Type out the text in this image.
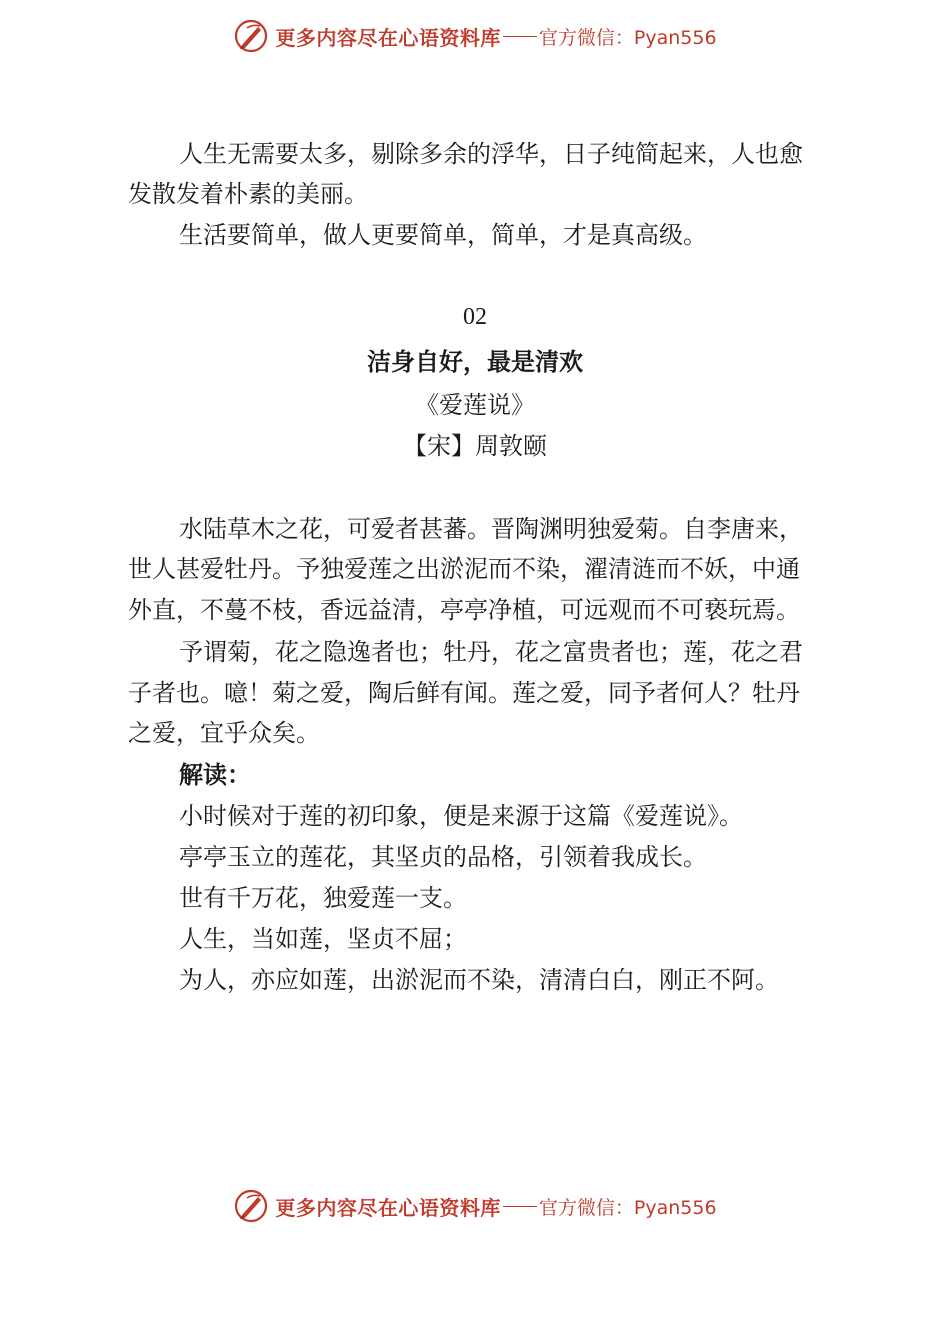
更多内容尽在心语资料库 官方微信：Pyan556
人生无需要太多，剔除多余的浮华，日子纯简起来，人也愈
发散发着朴素的美丽。
生活要简单，做人更要简单，简单，才是真高级。
02
洁身自好，最是清欢
《爱莲说》
【宋】周敦颐
水陆草木之花，可爱者甚蕃。晋陶渊明独爱菊。自李唐来，
世人甚爱牡丹。予独爱莲之出淤泥而不染，濯清涟而不妖，中通
外直，不蔓不枝，香远益清，亭亭净植，可远观而不可亵玩焉。
予谓菊，花之隐逸者也；牡丹，花之富贵者也；莲，花之君
子者也。噫！菊之爱，陶后鲜有闻。莲之爱，同予者何人？牡丹
之爱，宜乎众矣。
解读：
小时候对于莲的初印象，便是来源于这篇《爱莲说》。
亭亭玉立的莲花，其坚贞的品格，引领着我成长。
世有千万花，独爱莲一支。
人生，当如莲，坚贞不屈；
为人，亦应如莲，出淤泥而不染，清清白白，刚正不阿。
更多内容尽在心语资料库 官方微信：Pyan556
